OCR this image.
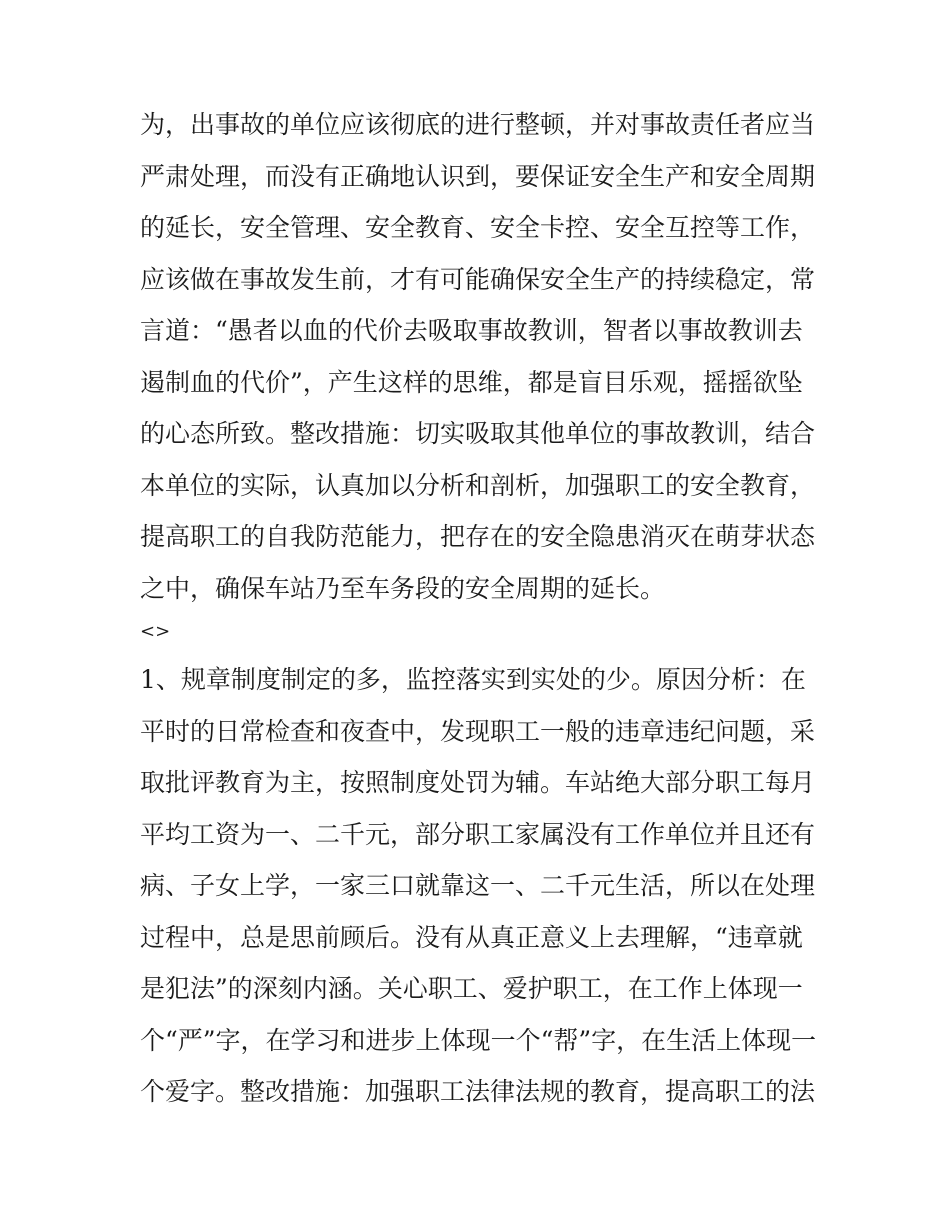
为，出事故的单位应该彻底的进行整顿，并对事故责任者应当
严肃处理，而没有正确地认识到，要保证安全生产和安全周期
的延长，安全管理、安全教育、安全卡控、安全互控等工作，
应该做在事故发生前，才有可能确保安全生产的持续稳定，常
言道：“愚者以血的代价去吸取事故教训，智者以事故教训去
遏制血的代价”，产生这样的思维，都是盲目乐观，摇摇欲坠
的心态所致。整改措施：切实吸取其他单位的事故教训，结合
本单位的实际，认真加以分析和剖析，加强职工的安全教育，
提高职工的自我防范能力，把存在的安全隐患消灭在萌芽状态
之中，确保车站乃至车务段的安全周期的延长。
<>
1、规章制度制定的多，监控落实到实处的少。原因分析：在
平时的日常检查和夜查中，发现职工一般的违章违纪问题，采
取批评教育为主，按照制度处罚为辅。车站绝大部分职工每月
平均工资为一、二千元，部分职工家属没有工作单位并且还有
病、子女上学，一家三口就靠这一、二千元生活，所以在处理
过程中，总是思前顾后。没有从真正意义上去理解，“违章就
是犯法”的深刻内涵。关心职工、爱护职工，在工作上体现一
个“严”字，在学习和进步上体现一个“帮”字，在生活上体现一
个爱字。整改措施：加强职工法律法规的教育，提高职工的法
